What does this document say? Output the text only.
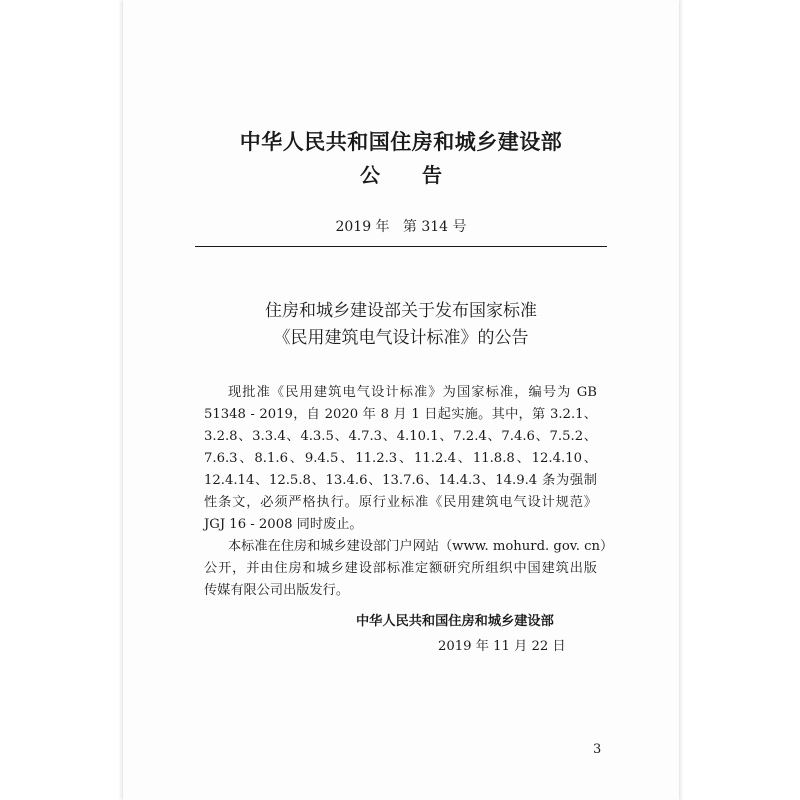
中华人民共和国住房和城乡建设部
公 告
2019 年   第 314 号
住房和城乡建设部关于发布国家标准
《民用建筑电气设计标准》的公告
现批准《民用建筑电气设计标准》为国家标准，编号为 GB
51348 - 2019，自 2020 年 8 月 1 日起实施。其中，第 3.2.1、
3.2.8、3.3.4、4.3.5、4.7.3、4.10.1、7.2.4、7.4.6、7.5.2、
7.6.3、8.1.6、9.4.5、11.2.3、11.2.4、11.8.8、12.4.10、
12.4.14、12.5.8、13.4.6、13.7.6、14.4.3、14.9.4 条为强制
性条文，必须严格执行。原行业标准《民用建筑电气设计规范》
JGJ 16 - 2008 同时废止。
本标准在住房和城乡建设部门户网站（www. mohurd. gov. cn）
公开，并由住房和城乡建设部标准定额研究所组织中国建筑出版
传媒有限公司出版发行。
中华人民共和国住房和城乡建设部
2019 年 11 月 22 日
3
